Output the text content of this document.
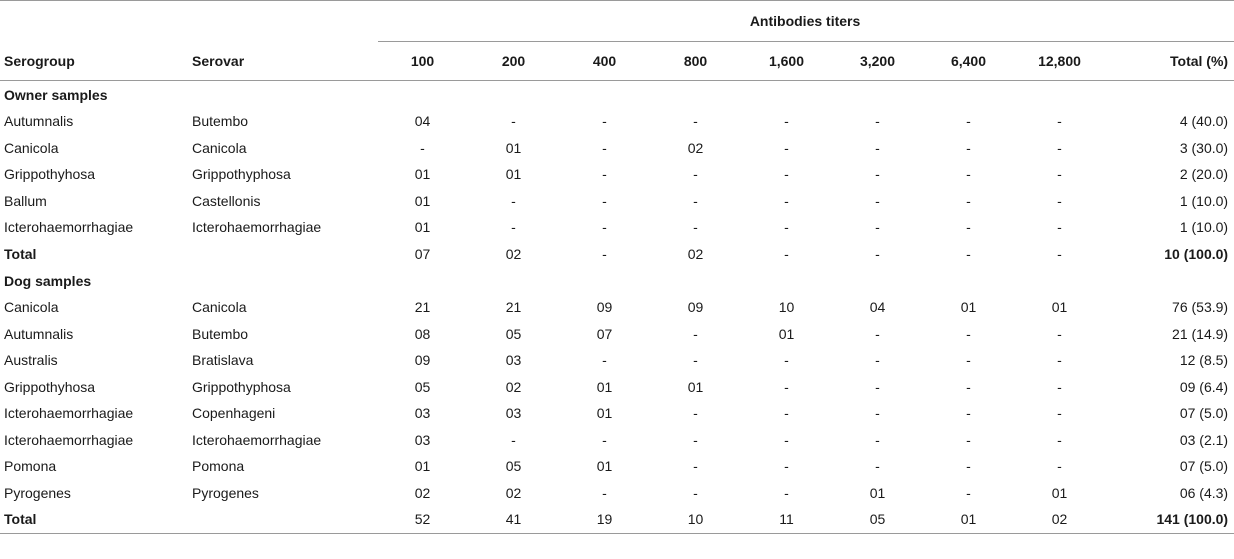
		Antibodies titers								
Serogroup	Serovar	100	200	400	800	1,600	3,200	6,400	12,800	Total (%)
Owner samples										
Autumnalis	Butembo	04	-	-	-	-	-	-	-	4 (40.0)
Canicola	Canicola	-	01	-	02	-	-	-	-	3 (30.0)
Grippothyhosa	Grippothyphosa	01	01	-	-	-	-	-	-	2 (20.0)
Ballum	Castellonis	01	-	-	-	-	-	-	-	1 (10.0)
Icterohaemorrhagiae	Icterohaemorrhagiae	01	-	-	-	-	-	-	-	1 (10.0)
Total		07	02	-	02	-	-	-	-	10 (100.0)
Dog samples										
Canicola	Canicola	21	21	09	09	10	04	01	01	76 (53.9)
Autumnalis	Butembo	08	05	07	-	01	-	-	-	21 (14.9)
Australis	Bratislava	09	03	-	-	-	-	-	-	12 (8.5)
Grippothyhosa	Grippothyphosa	05	02	01	01	-	-	-	-	09 (6.4)
Icterohaemorrhagiae	Copenhageni	03	03	01	-	-	-	-	-	07 (5.0)
Icterohaemorrhagiae	Icterohaemorrhagiae	03	-	-	-	-	-	-	-	03 (2.1)
Pomona	Pomona	01	05	01	-	-	-	-	-	07 (5.0)
Pyrogenes	Pyrogenes	02	02	-	-	-	01	-	01	06 (4.3)
Total		52	41	19	10	11	05	01	02	141 (100.0)
